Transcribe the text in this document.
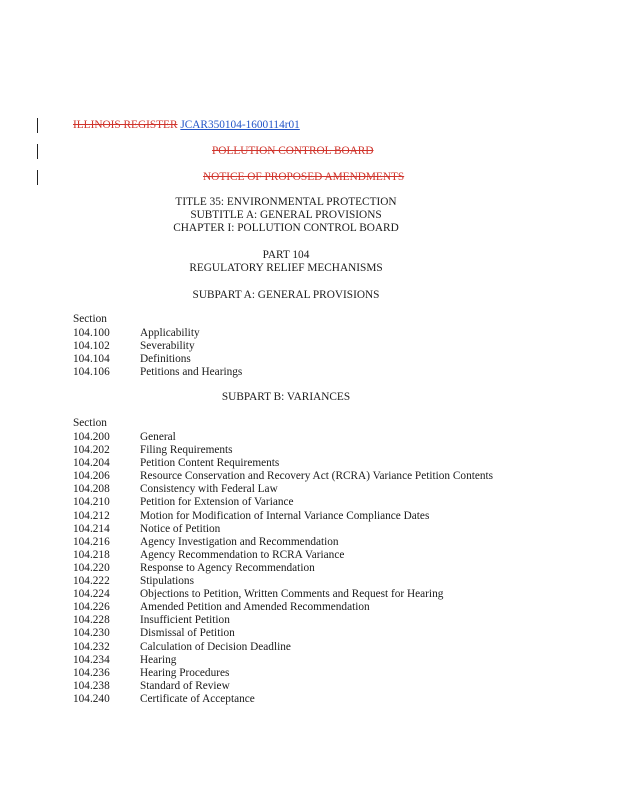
ILLINOIS REGISTER JCAR350104-1600114r01
POLLUTION CONTROL BOARD
NOTICE OF PROPOSED AMENDMENTS
TITLE 35: ENVIRONMENTAL PROTECTION
SUBTITLE A: GENERAL PROVISIONS
CHAPTER I: POLLUTION CONTROL BOARD
PART 104
REGULATORY RELIEF MECHANISMS
SUBPART A: GENERAL PROVISIONS
Section
104.100	Applicability
104.102	Severability
104.104	Definitions
104.106	Petitions and Hearings
SUBPART B: VARIANCES
Section
104.200	General
104.202	Filing Requirements
104.204	Petition Content Requirements
104.206	Resource Conservation and Recovery Act (RCRA) Variance Petition Contents
104.208	Consistency with Federal Law
104.210	Petition for Extension of Variance
104.212	Motion for Modification of Internal Variance Compliance Dates
104.214	Notice of Petition
104.216	Agency Investigation and Recommendation
104.218	Agency Recommendation to RCRA Variance
104.220	Response to Agency Recommendation
104.222	Stipulations
104.224	Objections to Petition, Written Comments and Request for Hearing
104.226	Amended Petition and Amended Recommendation
104.228	Insufficient Petition
104.230	Dismissal of Petition
104.232	Calculation of Decision Deadline
104.234	Hearing
104.236	Hearing Procedures
104.238	Standard of Review
104.240	Certificate of Acceptance
